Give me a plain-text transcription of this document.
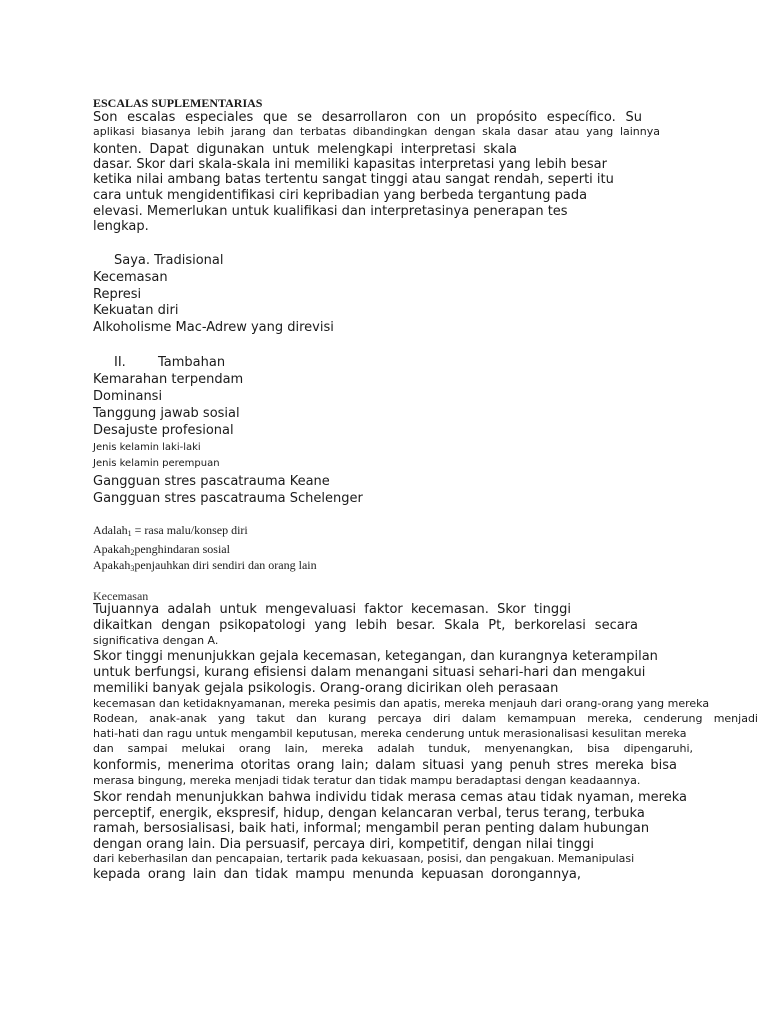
ESCALAS SUPLEMENTARIAS

Son escalas especiales que se desarrollaron con un propósito específico. Su

aplikasi biasanya lebih jarang dan terbatas dibandingkan dengan skala dasar atau yang lainnya

konten. Dapat digunakan untuk melengkapi interpretasi skala

dasar. Skor dari skala-skala ini memiliki kapasitas interpretasi yang lebih besar

ketika nilai ambang batas tertentu sangat tinggi atau sangat rendah, seperti itu

cara untuk mengidentifikasi ciri kepribadian yang berbeda tergantung pada

elevasi. Memerlukan untuk kualifikasi dan interpretasinya penerapan tes

lengkap.

Saya. Tradisional

Kecemasan

Represi

Kekuatan diri

Alkoholisme Mac-Adrew yang direvisi

II. Tambahan

Kemarahan terpendam

Dominansi

Tanggung jawab sosial

Desajuste profesional

Jenis kelamin laki-laki

Jenis kelamin perempuan

Gangguan stres pascatrauma Keane

Gangguan stres pascatrauma Schelenger

Adalah$_1$ = rasa malu/konsep diri

Apakah$_2$penghindaran sosial

Apakah$_3$penjauhkan diri sendiri dan orang lain

Kecemasan

Tujuannya adalah untuk mengevaluasi faktor kecemasan. Skor tinggi

dikaitkan dengan psikopatologi yang lebih besar. Skala Pt, berkorelasi secara

significativa dengan A.

Skor tinggi menunjukkan gejala kecemasan, ketegangan, dan kurangnya keterampilan

untuk berfungsi, kurang efisiensi dalam menangani situasi sehari-hari dan mengakui

memiliki banyak gejala psikologis. Orang-orang dicirikan oleh perasaan

kecemasan dan ketidaknyamanan, mereka pesimis dan apatis, mereka menjauh dari orang-orang yang mereka

Rodean, anak-anak yang takut dan kurang percaya diri dalam kemampuan mereka, cenderung menjadi

hati-hati dan ragu untuk mengambil keputusan, mereka cenderung untuk merasionalisasi kesulitan mereka

dan sampai melukai orang lain, mereka adalah tunduk, menyenangkan, bisa dipengaruhi,

konformis, menerima otoritas orang lain; dalam situasi yang penuh stres mereka bisa

merasa bingung, mereka menjadi tidak teratur dan tidak mampu beradaptasi dengan keadaannya.

Skor rendah menunjukkan bahwa individu tidak merasa cemas atau tidak nyaman, mereka

perceptif, energik, ekspresif, hidup, dengan kelancaran verbal, terus terang, terbuka

ramah, bersosialisasi, baik hati, informal; mengambil peran penting dalam hubungan

dengan orang lain. Dia persuasif, percaya diri, kompetitif, dengan nilai tinggi

dari keberhasilan dan pencapaian, tertarik pada kekuasaan, posisi, dan pengakuan. Memanipulasi

kepada orang lain dan tidak mampu menunda kepuasan dorongannya,
